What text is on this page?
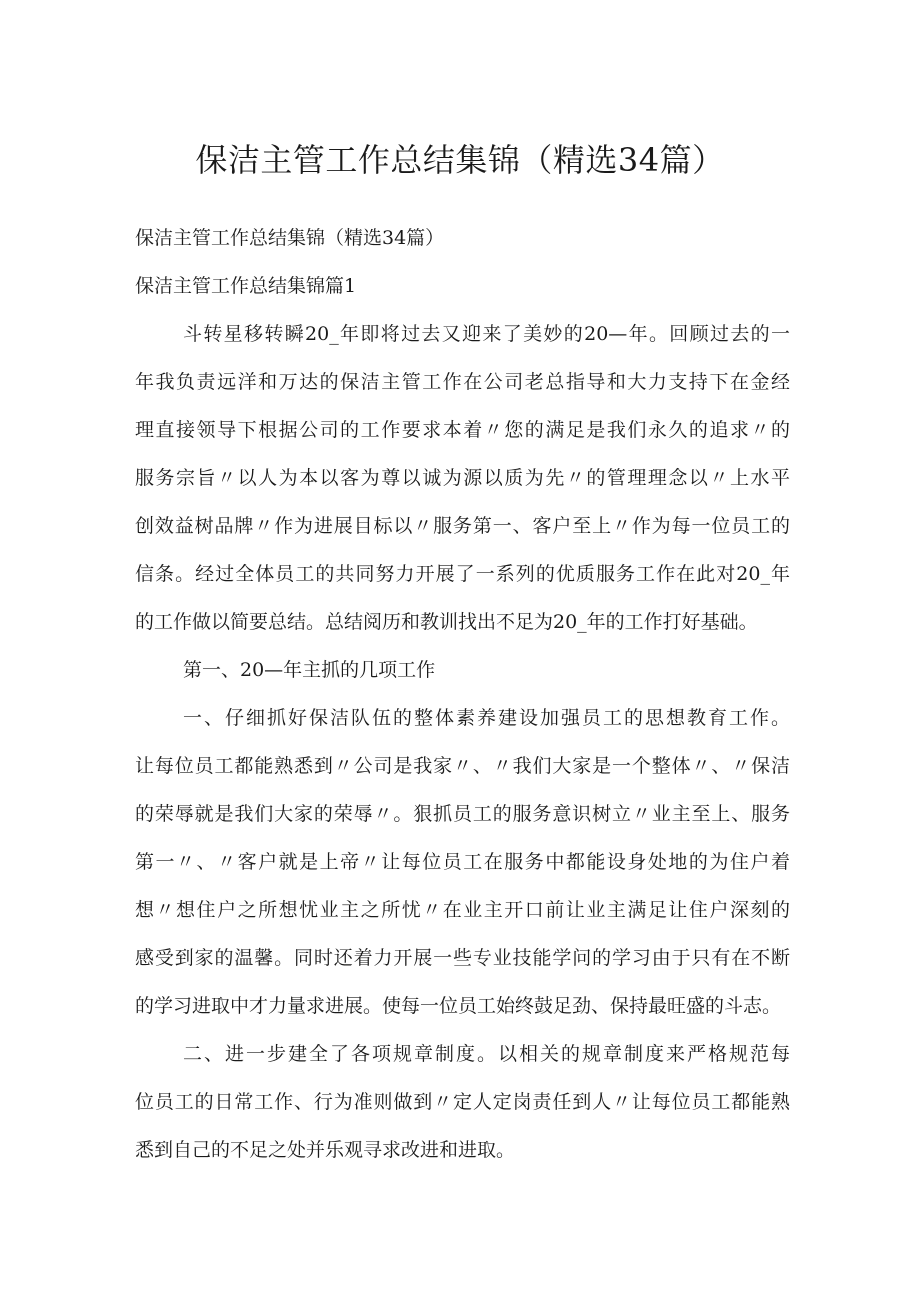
保洁主管工作总结集锦（精选34篇）
保洁主管工作总结集锦（精选34篇）
保洁主管工作总结集锦篇1
斗转星移转瞬20_年即将过去又迎来了美妙的20—年。回顾过去的一
年我负责远洋和万达的保洁主管工作在公司老总指导和大力支持下在金经
理直接领导下根据公司的工作要求本着〃您的满足是我们永久的追求〃的
服务宗旨〃以人为本以客为尊以诚为源以质为先〃的管理理念以〃上水平
创效益树品牌〃作为进展目标以〃服务第一、客户至上〃作为每一位员工的
信条。经过全体员工的共同努力开展了一系列的优质服务工作在此对20_年
的工作做以简要总结。总结阅历和教训找出不足为20_年的工作打好基础。
第一、20—年主抓的几项工作
一、仔细抓好保洁队伍的整体素养建设加强员工的思想教育工作。
让每位员工都能熟悉到〃公司是我家〃、〃我们大家是一个整体〃、〃保洁
的荣辱就是我们大家的荣辱〃。狠抓员工的服务意识树立〃业主至上、服务
第一〃、〃客户就是上帝〃让每位员工在服务中都能设身处地的为住户着
想〃想住户之所想忧业主之所忧〃在业主开口前让业主满足让住户深刻的
感受到家的温馨。同时还着力开展一些专业技能学问的学习由于只有在不断
的学习进取中才力量求进展。使每一位员工始终鼓足劲、保持最旺盛的斗志。
二、进一步建全了各项规章制度。以相关的规章制度来严格规范每
位员工的日常工作、行为准则做到〃定人定岗责任到人〃让每位员工都能熟
悉到自己的不足之处并乐观寻求改进和进取。
